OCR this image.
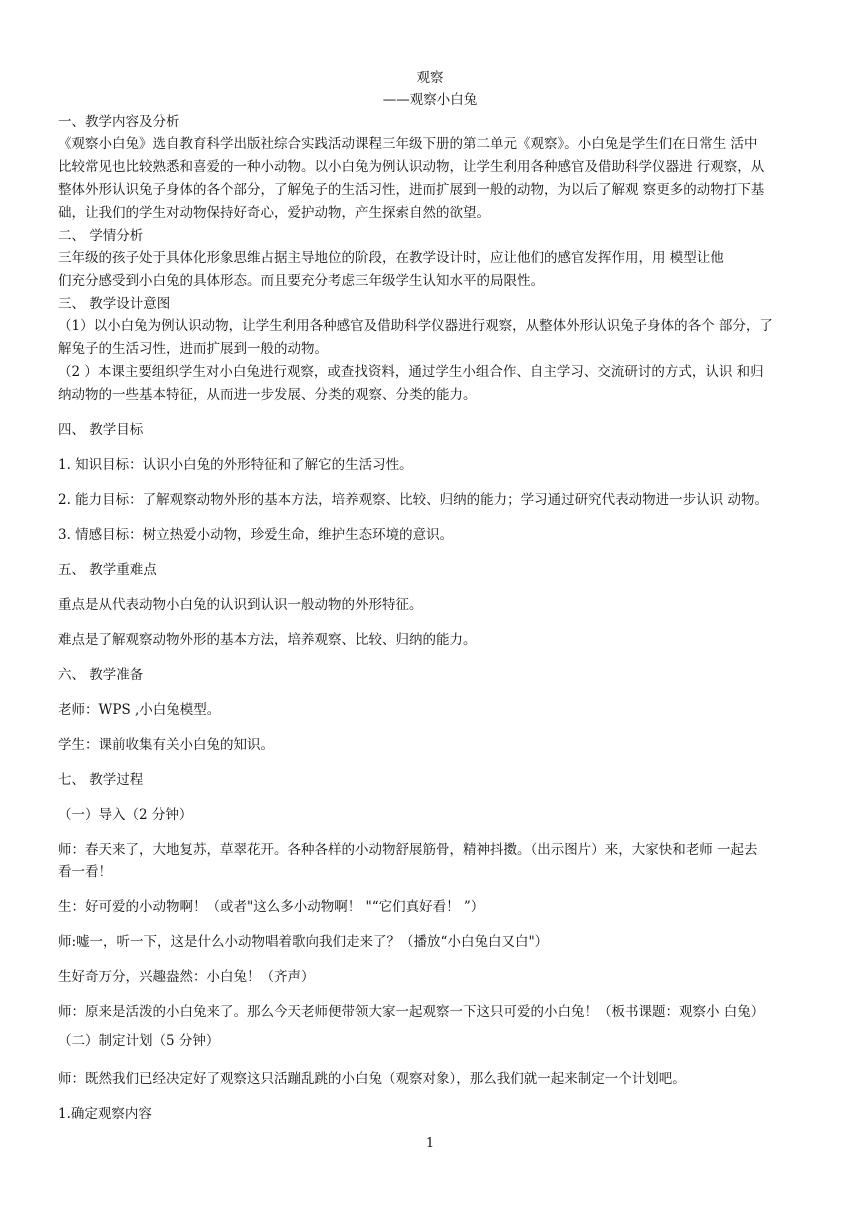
观察
——观察小白兔
一、教学内容及分析
《观察小白兔》选自教育科学出版社综合实践活动课程三年级下册的第二单元《观察》。小白兔是学生们在日常生 活中
比较常见也比较熟悉和喜爱的一种小动物。以小白兔为例认识动物，让学生利用各种感官及借助科学仪器进 行观察，从
整体外形认识兔子身体的各个部分，了解兔子的生活习性，进而扩展到一般的动物，为以后了解观 察更多的动物打下基
础，让我们的学生对动物保持好奇心，爱护动物，产生探索自然的欲望。
二、 学情分析
三年级的孩子处于具体化形象思维占据主导地位的阶段，在教学设计时，应让他们的感官发挥作用，用 模型让他
们充分感受到小白兔的具体形态。而且要充分考虑三年级学生认知水平的局限性。
三、 教学设计意图
（1）以小白兔为例认识动物，让学生利用各种感官及借助科学仪器进行观察，从整体外形认识兔子身体的各个 部分，了
解兔子的生活习性，进而扩展到一般的动物。
（2 ）本课主要组织学生对小白兔进行观察，或查找资料，通过学生小组合作、自主学习、交流研讨的方式，认识 和归
纳动物的一些基本特征，从而进一步发展、分类的观察、分类的能力。
四、 教学目标
1. 知识目标：认识小白兔的外形特征和了解它的生活习性。
2. 能力目标：了解观察动物外形的基本方法，培养观察、比较、归纳的能力；学习通过研究代表动物进一步认识 动物。
3. 情感目标：树立热爱小动物，珍爱生命，维护生态环境的意识。
五、 教学重难点
重点是从代表动物小白兔的认识到认识一般动物的外形特征。
难点是了解观察动物外形的基本方法，培养观察、比较、归纳的能力。
六、 教学准备
老师：WPS ,小白兔模型。
学生：课前收集有关小白兔的知识。
七、 教学过程
（一）导入（2 分钟）
师：春天来了，大地复苏，草翠花开。各种各样的小动物舒展筋骨，精神抖擞。（出示图片）来，大家快和老师 一起去
看一看！
生：好可爱的小动物啊！（或者"这么多小动物啊！ "“它们真好看！ ”）
师:嘘一，听一下，这是什么小动物唱着歌向我们走来了？（播放“小白兔白又白"）
生好奇万分，兴趣盎然：小白兔！（齐声）
师：原来是活泼的小白兔来了。那么今天老师便带领大家一起观察一下这只可爱的小白兔！（板书课题：观察小 白兔）
（二）制定计划（5 分钟）
师：既然我们已经决定好了观察这只活蹦乱跳的小白兔（观察对象），那么我们就一起来制定一个计划吧。
1.确定观察内容
1
